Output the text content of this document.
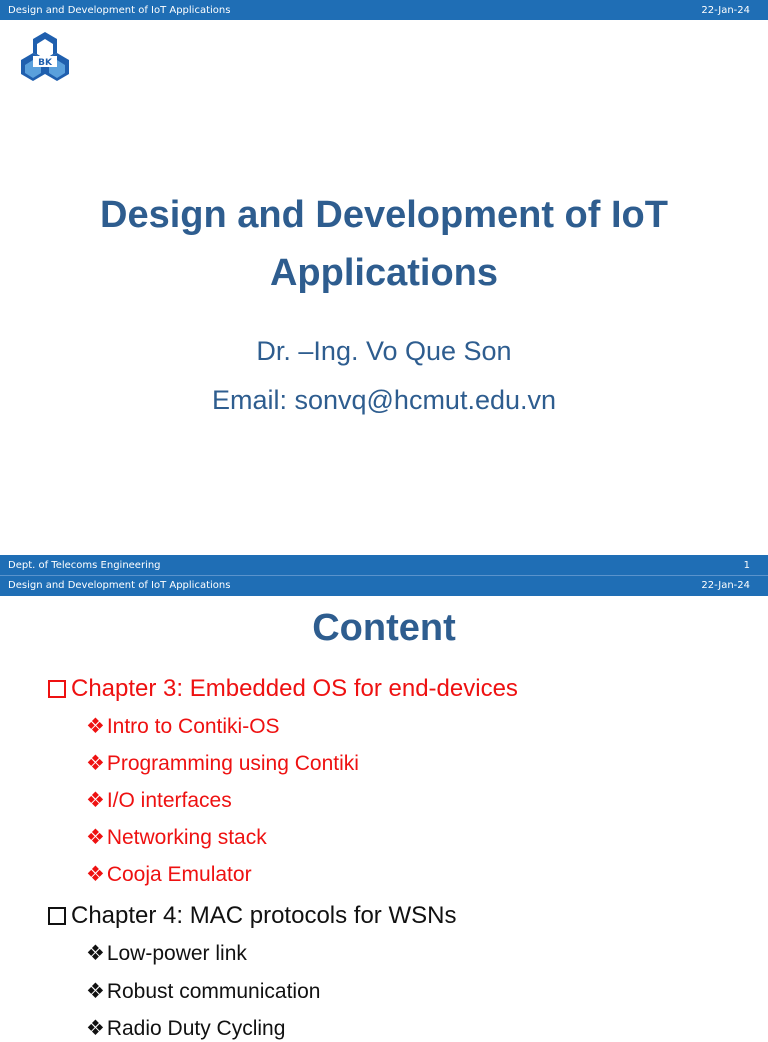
Design and Development of IoT Applications	22-Jan-24
BK
Design and Development of IoT
Applications

Dr. –Ing. Vo Que Son

Email: sonvq@hcmut.edu.vn

Dept. of Telecoms Engineering	1
Design and Development of IoT Applications	22-Jan-24
Content
Chapter 3: Embedded OS for end-devices
❖Intro to Contiki-OS
❖Programming using Contiki
❖I/O interfaces
❖Networking stack
❖Cooja Emulator
Chapter 4: MAC protocols for WSNs
❖Low-power link
❖Robust communication
❖Radio Duty Cycling
